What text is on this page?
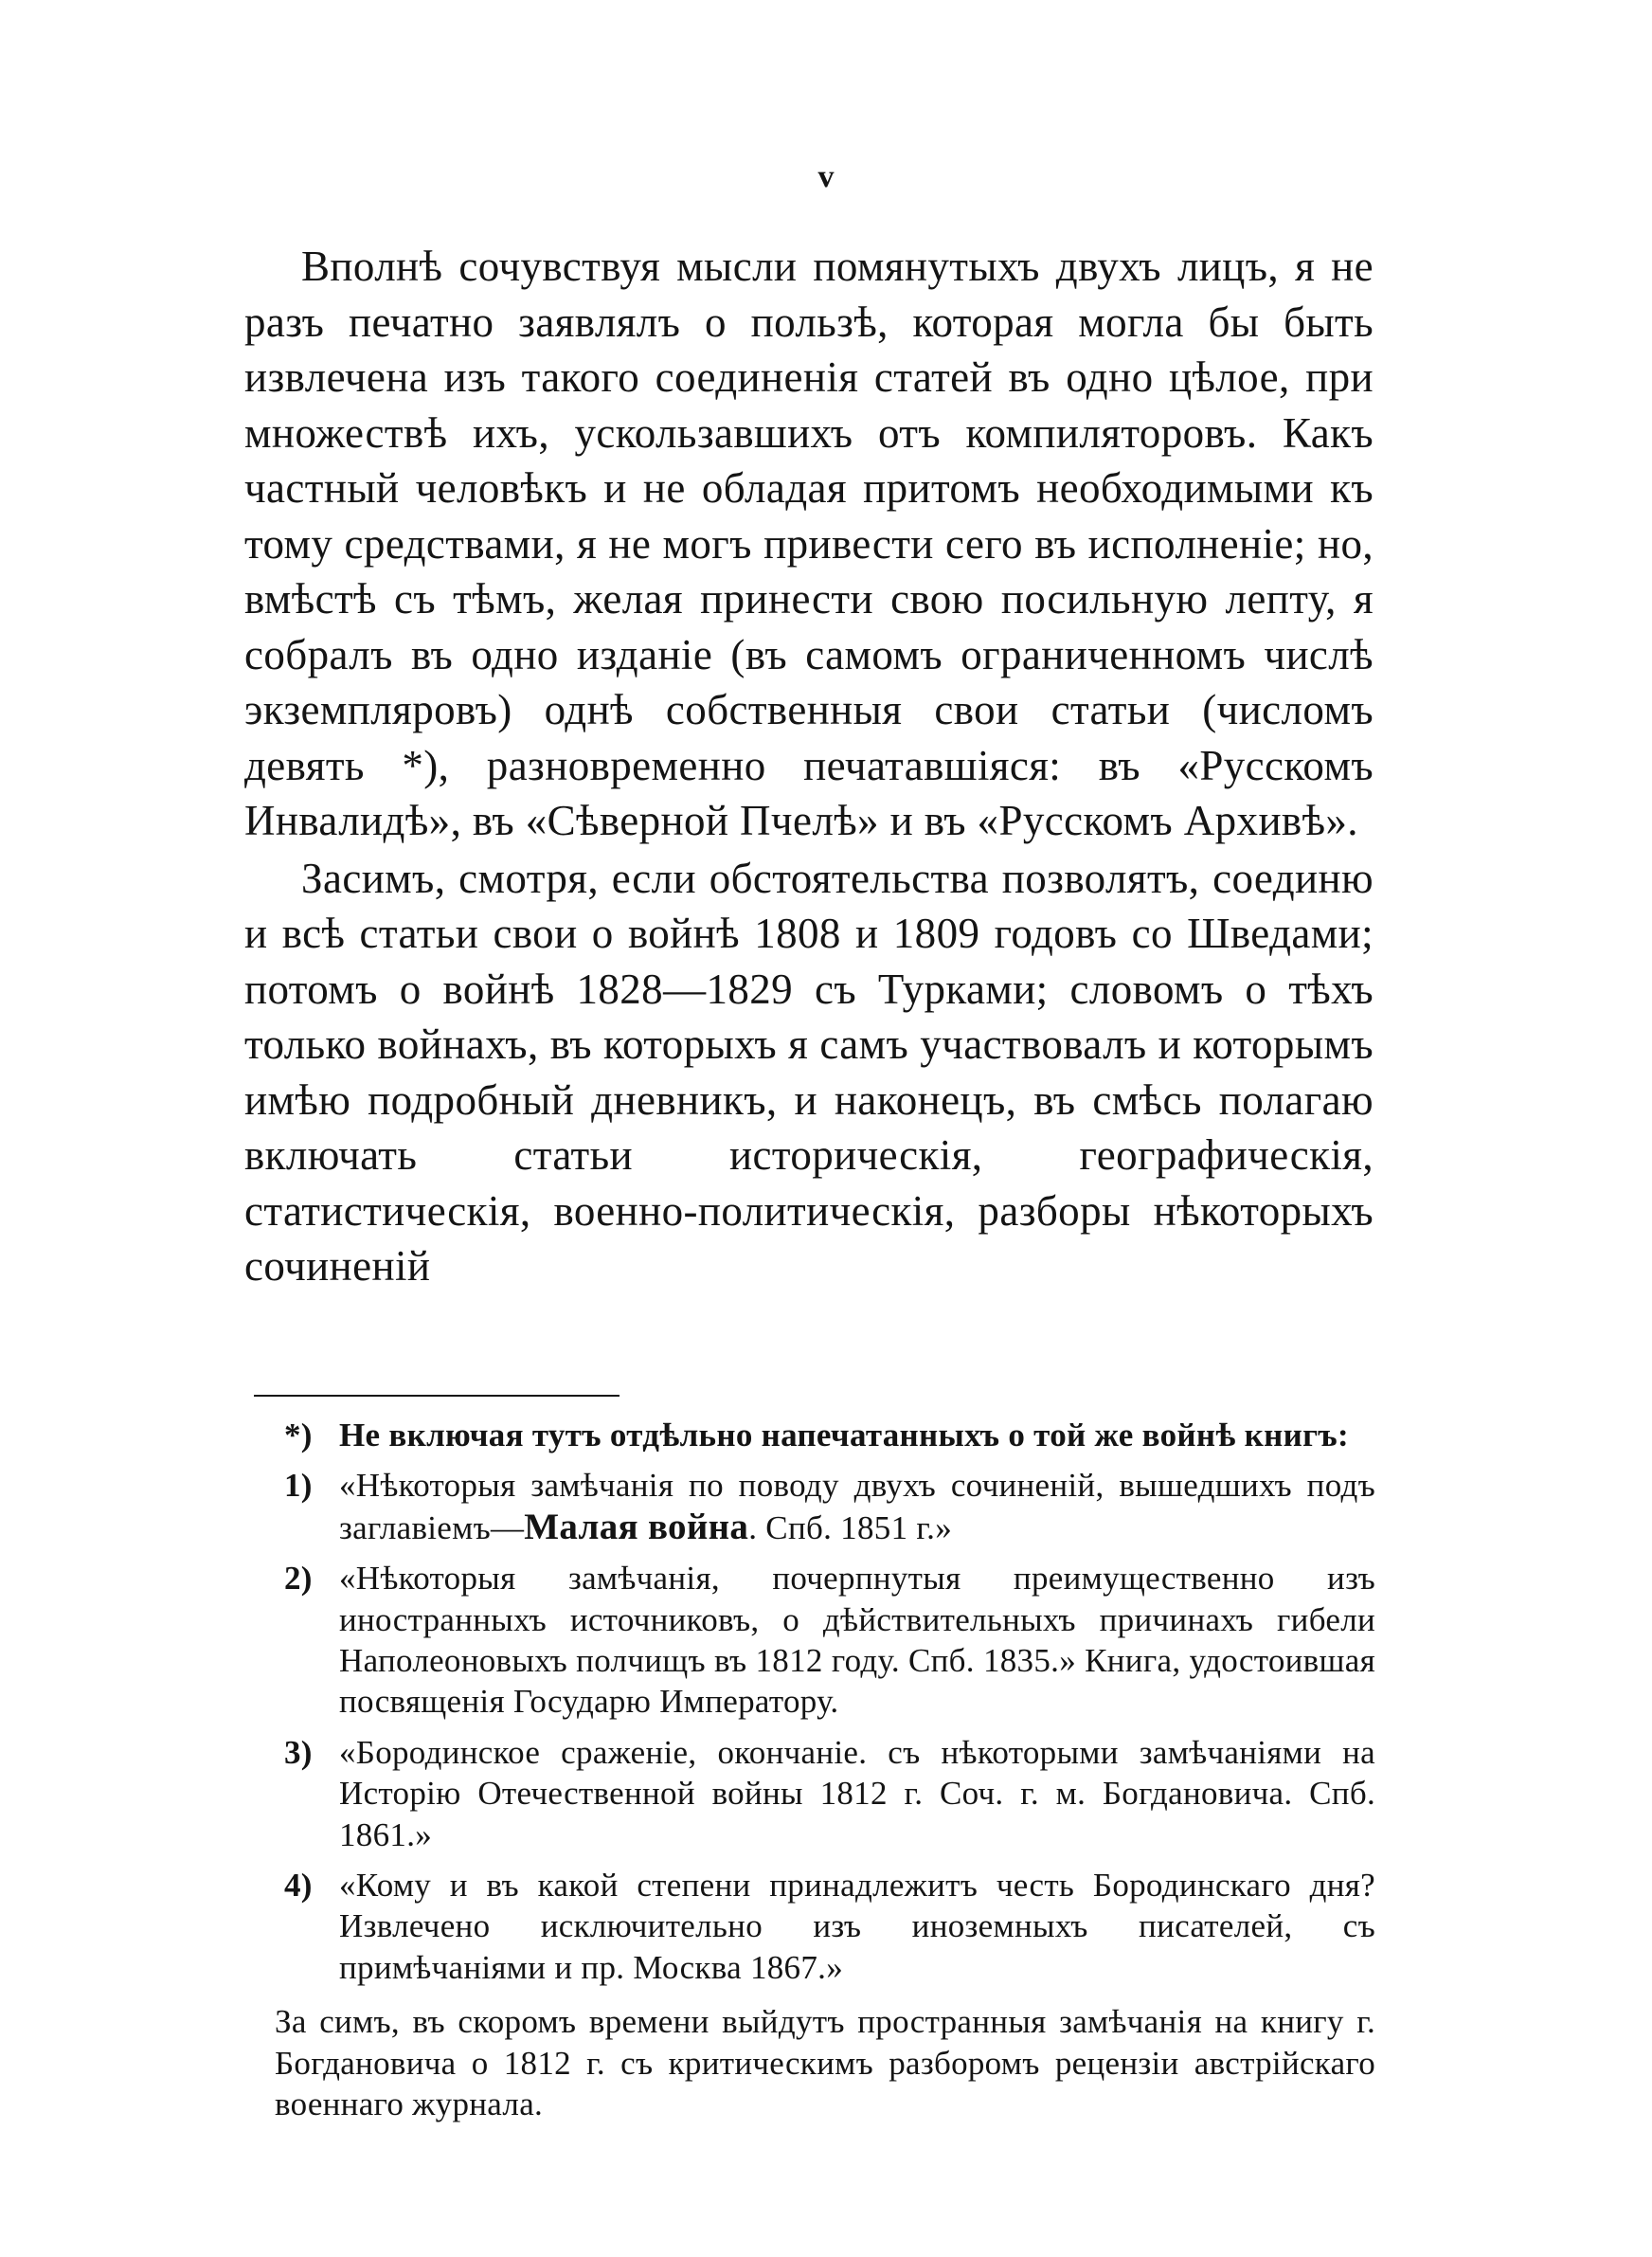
v

Вполнѣ сочувствуя мысли помянутыхъ двухъ лицъ, я не разъ печатно заявлялъ о пользѣ, которая могла бы быть извлечена изъ такого соединенія статей въ одно цѣлое, при множествѣ ихъ, ускользавшихъ отъ компиляторовъ. Какъ частный человѣкъ и не обладая притомъ необходимыми къ тому средствами, я не могъ привести сего въ исполненіе; но, вмѣстѣ съ тѣмъ, желая принести свою посильную лепту, я собралъ въ одно изданіе (въ самомъ ограниченномъ числѣ экземпляровъ) однѣ собственныя свои статьи (числомъ девять *), разновременно печатавшіяся: въ «Русскомъ Инвалидѣ», въ «Сѣверной Пчелѣ» и въ «Русскомъ Архивѣ».

Засимъ, смотря, если обстоятельства позволятъ, соединю и всѣ статьи свои о войнѣ 1808 и 1809 годовъ со Шведами; потомъ о войнѣ 1828—1829 съ Турками; словомъ о тѣхъ только войнахъ, въ которыхъ я самъ участвовалъ и которымъ имѣю подробный дневникъ, и наконецъ, въ смѣсь полагаю включать статьи историческія, географическія, статистическія, военно-политическія, разборы нѣкоторыхъ сочиненій

*) Не включая тутъ отдѣльно напечатанныхъ о той же войнѣ книгъ:
1) «Нѣкоторыя замѣчанія по поводу двухъ сочиненій, вышедшихъ подъ заглавіемъ—Малая война. Спб. 1851 г.»
2) «Нѣкоторыя замѣчанія, почерпнутыя преимущественно изъ иностранныхъ источниковъ, о дѣйствительныхъ причинахъ гибели Наполеоновыхъ полчищъ въ 1812 году. Спб. 1835.» Книга, удостоившая посвященія Государю Императору.
3) «Бородинское сраженіе, окончаніе. съ нѣкоторыми замѣчаніями на Исторію Отечественной войны 1812 г. Соч. г. м. Богдановича. Спб. 1861.»
4) «Кому и въ какой степени принадлежитъ честь Бородинскаго дня? Извлечено исключительно изъ иноземныхъ писателей, съ примѣчаніями и пр. Москва 1867.»
За симъ, въ скоромъ времени выйдутъ пространныя замѣчанія на книгу г. Богдановича о 1812 г. съ критическимъ разборомъ рецензіи австрійскаго военнаго журнала.
